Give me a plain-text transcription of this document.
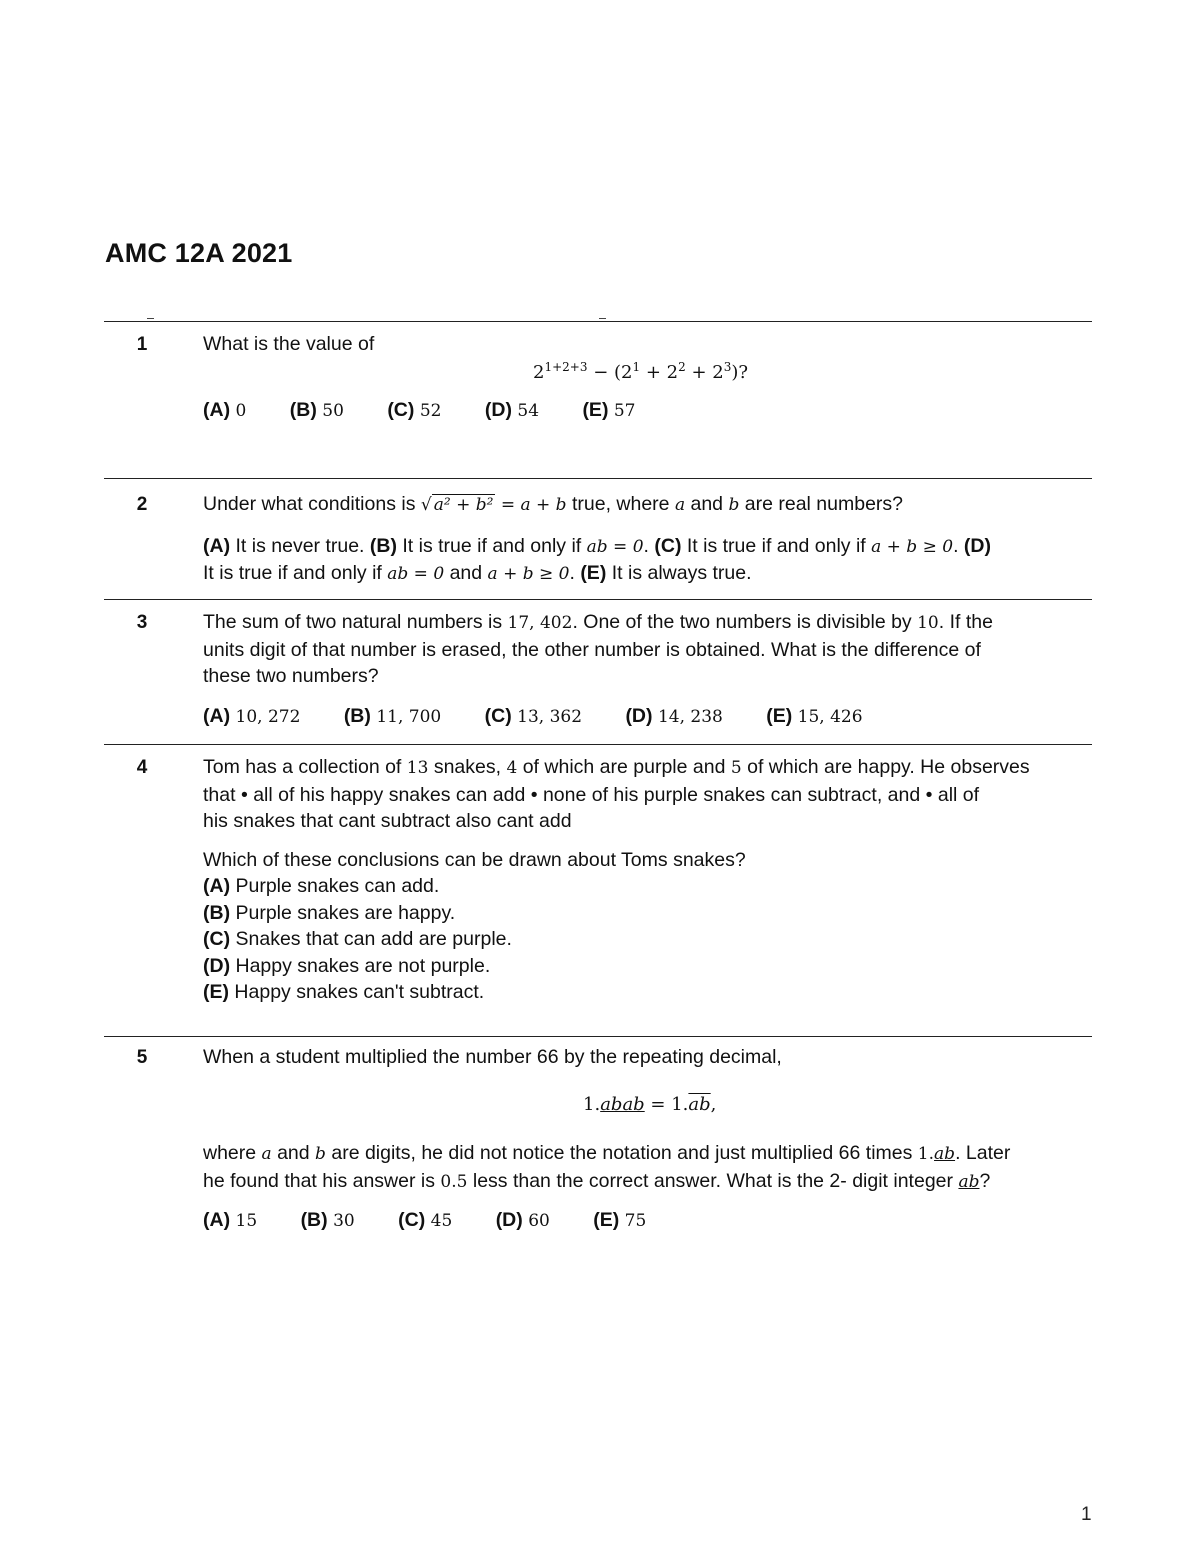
AMC 12A 2021
1	What is the value of
$2^{1+2+3} - (2^1 + 2^2 + 2^3)$?
(A) 0 (B) 50 (C) 52 (D) 54 (E) 57
2	Under what conditions is √ a² + b² = a + b true, where a and b are real numbers?
(A) It is never true. (B) It is true if and only if ab = 0. (C) It is true if and only if a + b ≥ 0. (D)
It is true if and only if ab = 0 and a + b ≥ 0. (E) It is always true.
3	The sum of two natural numbers is 17, 402. One of the two numbers is divisible by 10. If the
units digit of that number is erased, the other number is obtained. What is the difference of
these two numbers?
(A) 10, 272 (B) 11, 700 (C) 13, 362 (D) 14, 238 (E) 15, 426
4	Tom has a collection of 13 snakes, 4 of which are purple and 5 of which are happy. He observes
that • all of his happy snakes can add • none of his purple snakes can subtract, and • all of
his snakes that cant subtract also cant add
Which of these conclusions can be drawn about Toms snakes?
(A) Purple snakes can add.
(B) Purple snakes are happy.
(C) Snakes that can add are purple.
(D) Happy snakes are not purple.
(E) Happy snakes can't subtract.
5	When a student multiplied the number 66 by the repeating decimal,
1.abab = $1.\overline{ab}$,
where a and b are digits, he did not notice the notation and just multiplied 66 times 1.ab. Later
he found that his answer is 0.5 less than the correct answer. What is the 2- digit integer ab?
(A) 15 (B) 30 (C) 45 (D) 60 (E) 75
1
